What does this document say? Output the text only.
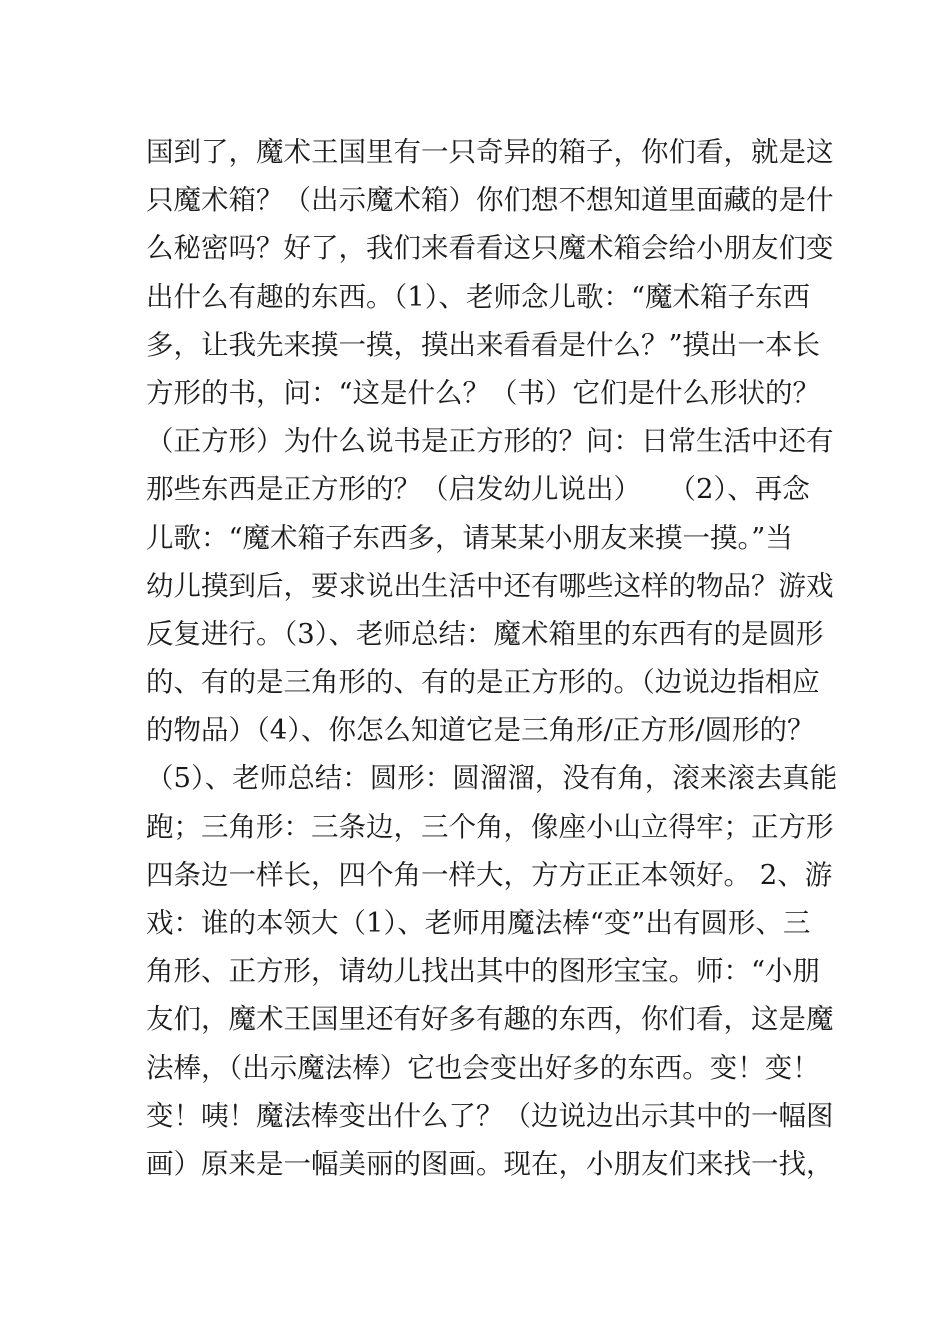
国到了，魔术王国里有一只奇异的箱子，你们看，就是这
只魔术箱？（出示魔术箱）你们想不想知道里面藏的是什
么秘密吗？好了，我们来看看这只魔术箱会给小朋友们变
出什么有趣的东西。（1）、老师念儿歌：“魔术箱子东西
多，让我先来摸一摸，摸出来看看是什么？”摸出一本长
方形的书，问：“这是什么？（书）它们是什么形状的？
（正方形）为什么说书是正方形的？问：日常生活中还有
那些东西是正方形的？（启发幼儿说出）　　（2）、再念
儿歌：“魔术箱子东西多，请某某小朋友来摸一摸。”当
幼儿摸到后，要求说出生活中还有哪些这样的物品？游戏
反复进行。（3）、老师总结：魔术箱里的东西有的是圆形
的、有的是三角形的、有的是正方形的。（边说边指相应
的物品）（4）、你怎么知道它是三角形/正方形/圆形的？
（5）、老师总结：圆形：圆溜溜，没有角，滚来滚去真能
跑；三角形：三条边，三个角，像座小山立得牢；正方形
四条边一样长，四个角一样大，方方正正本领好。 2、游
戏：谁的本领大（1）、老师用魔法棒“变”出有圆形、三
角形、正方形，请幼儿找出其中的图形宝宝。师：“小朋
友们，魔术王国里还有好多有趣的东西，你们看，这是魔
法棒，（出示魔法棒）它也会变出好多的东西。变！变！
变！咦！魔法棒变出什么了？（边说边出示其中的一幅图
画）原来是一幅美丽的图画。现在，小朋友们来找一找，
